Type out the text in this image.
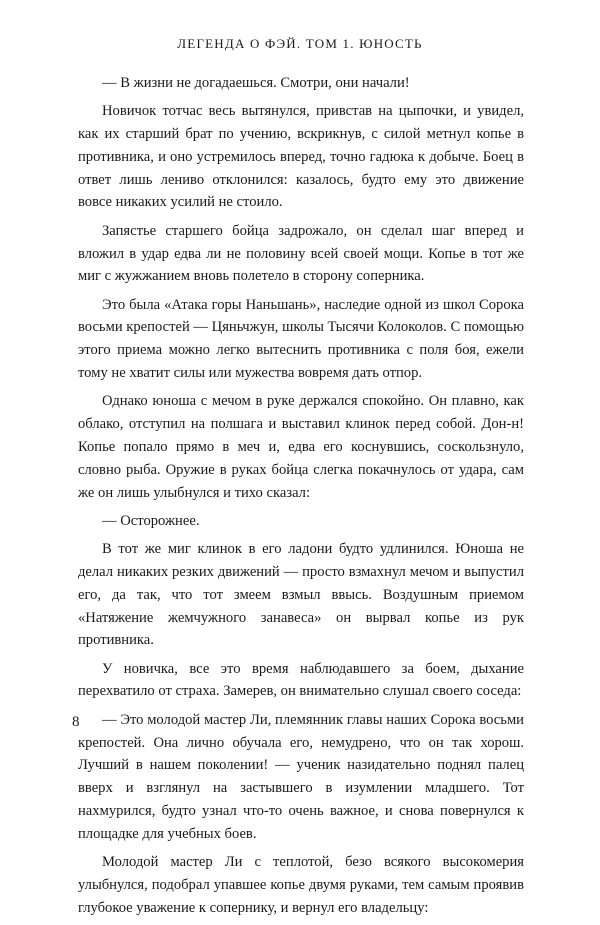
ЛЕГЕНДА О ФЭЙ. ТОМ 1. ЮНОСТЬ

— В жизни не догадаешься. Смотри, они начали!

Новичок тотчас весь вытянулся, привстав на цыпочки, и увидел, как их старший брат по учению, вскрикнув, с силой метнул копье в противника, и оно устремилось вперед, точно гадюка к добыче. Боец в ответ лишь лениво отклонился: казалось, будто ему это движение вовсе никаких усилий не стоило.

Запястье старшего бойца задрожало, он сделал шаг вперед и вложил в удар едва ли не половину всей своей мощи. Копье в тот же миг с жужжанием вновь полетело в сторону соперника.

Это была «Атака горы Наньшань», наследие одной из школ Сорока восьми крепостей — Цяньчжун, школы Тысячи Колоколов. С помощью этого приема можно легко вытеснить противника с поля боя, ежели тому не хватит силы или мужества вовремя дать отпор.

Однако юноша с мечом в руке держался спокойно. Он плавно, как облако, отступил на полшага и выставил клинок перед собой. Дон-н! Копье попало прямо в меч и, едва его коснувшись, соскользнуло, словно рыба. Оружие в руках бойца слегка покачнулось от удара, сам же он лишь улыбнулся и тихо сказал:

— Осторожнее.

В тот же миг клинок в его ладони будто удлинился. Юноша не делал никаких резких движений — просто взмахнул мечом и выпустил его, да так, что тот змеем взмыл ввысь. Воздушным приемом «Натяжение жемчужного занавеса» он вырвал копье из рук противника.

У новичка, все это время наблюдавшего за боем, дыхание перехватило от страха. Замерев, он внимательно слушал своего соседа:

— Это молодой мастер Ли, племянник главы наших Сорока восьми крепостей. Она лично обучала его, немудрено, что он так хорош. Лучший в нашем поколении! — ученик назидательно поднял палец вверх и взглянул на застывшего в изумлении младшего. Тот нахмурился, будто узнал что-то очень важное, и снова повернулся к площадке для учебных боев.

Молодой мастер Ли с теплотой, безо всякого высокомерия улыбнулся, подобрал упавшее копье двумя руками, тем самым проявив глубокое уважение к сопернику, и вернул его владельцу:

8
